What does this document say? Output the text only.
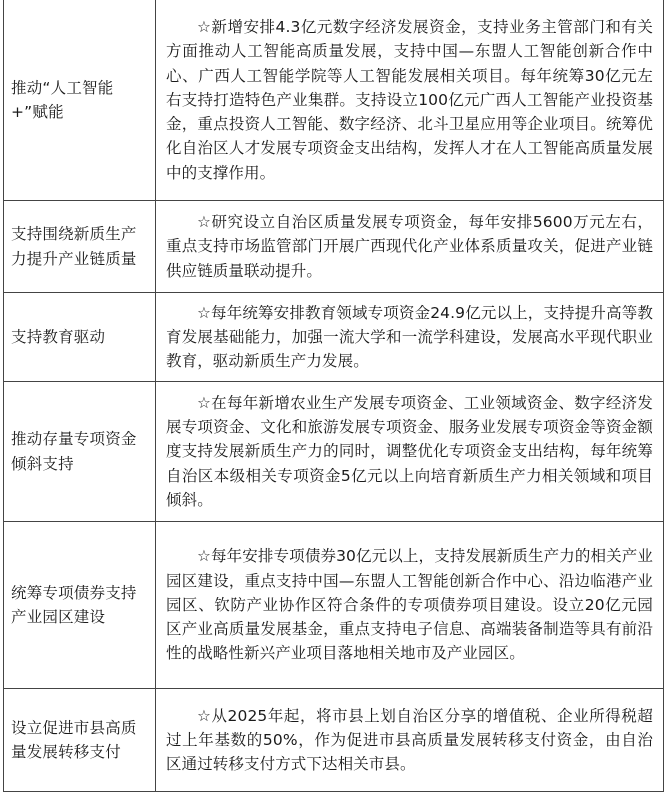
推动“人工智能+”赋能	☆新增安排4.3亿元数字经济发展资金，支持业务主管部门和有关方面推动人工智能高质量发展，支持中国—东盟人工智能创新合作中心、广西人工智能学院等人工智能发展相关项目。每年统筹30亿元左右支持打造特色产业集群。支持设立100亿元广西人工智能产业投资基金，重点投资人工智能、数字经济、北斗卫星应用等企业项目。统筹优化自治区人才发展专项资金支出结构，发挥人才在人工智能高质量发展中的支撑作用。

支持围绕新质生产力提升产业链质量	☆研究设立自治区质量发展专项资金，每年安排5600万元左右，重点支持市场监管部门开展广西现代化产业体系质量攻关，促进产业链供应链质量联动提升。

支持教育驱动	☆每年统筹安排教育领域专项资金24.9亿元以上，支持提升高等教育发展基础能力，加强一流大学和一流学科建设，发展高水平现代职业教育，驱动新质生产力发展。

推动存量专项资金倾斜支持	☆在每年新增农业生产发展专项资金、工业领域资金、数字经济发展专项资金、文化和旅游发展专项资金、服务业发展专项资金等资金额度支持发展新质生产力的同时，调整优化专项资金支出结构，每年统筹自治区本级相关专项资金5亿元以上向培育新质生产力相关领域和项目倾斜。

统筹专项债券支持产业园区建设	☆每年安排专项债券30亿元以上，支持发展新质生产力的相关产业园区建设，重点支持中国—东盟人工智能创新合作中心、沿边临港产业园区、钦防产业协作区符合条件的专项债券项目建设。设立20亿元园区产业高质量发展基金，重点支持电子信息、高端装备制造等具有前沿性的战略性新兴产业项目落地相关地市及产业园区。

设立促进市县高质量发展转移支付	☆从2025年起，将市县上划自治区分享的增值税、企业所得税超过上年基数的50%，作为促进市县高质量发展转移支付资金，由自治区通过转移支付方式下达相关市县。
